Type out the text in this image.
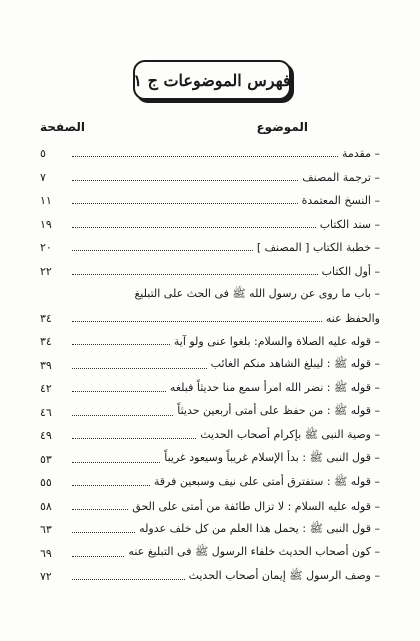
فهرس الموضوعات ج ١
الصفحة	الموضوع
– مقدمة
٥
– ترجمة المصنف
٧
– النسخ المعتمدة
١١
– سند الكتاب
١٩
– خطبة الكتاب [ المصنف ]
٢٠
– أول الكتاب
٢٢
– باب ما روى عن رسول الله ﷺ فى الحث على التبليغ
والحفظ عنه
٣٤
– قوله عليه الصلاة والسلام: بلغوا عنى ولو آية
٣٤
– قوله ﷺ : ليبلغ الشاهد منكم الغائب
٣٩
– قوله ﷺ : نضر الله امرأ سمع منا حديثاً فبلغه
٤٢
– قوله ﷺ : من حفظ على أمتى أربعين حديثاً
٤٦
– وصية النبى ﷺ بإكرام أصحاب الحديث
٤٩
– قول النبى ﷺ : بدأ الإسلام غريباً وسيعود غريباً
٥٣
– قوله ﷺ : ستفترق أمتى على نيف وسبعين فرقة
٥٥
– قوله عليه السلام : لا تزال طائفة من أمتى على الحق
٥٨
– قول النبى ﷺ : يحمل هذا العلم من كل خلف عدوله
٦٣
– كون أصحاب الحديث خلفاء الرسول ﷺ فى التبليغ عنه
٦٩
– وصف الرسول ﷺ إيمان أصحاب الحديث
٧٢
